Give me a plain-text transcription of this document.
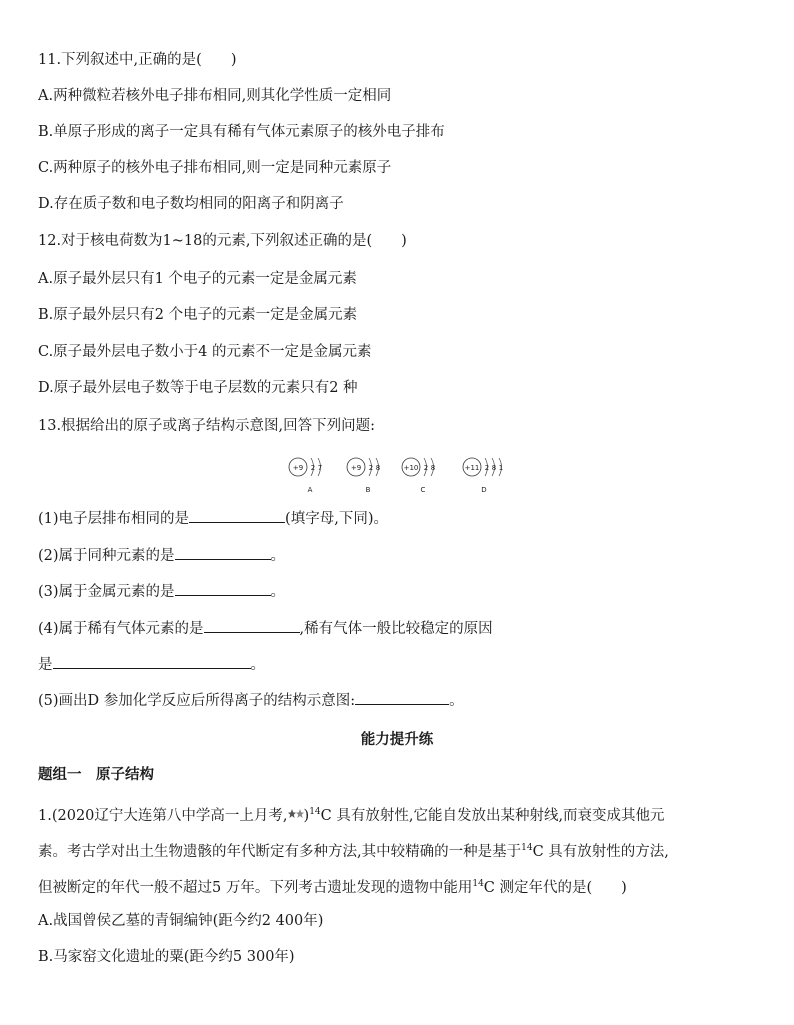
11.下列叙述中,正确的是(　　)
A.两种微粒若核外电子排布相同,则其化学性质一定相同
B.单原子形成的离子一定具有稀有气体元素原子的核外电子排布
C.两种原子的核外电子排布相同,则一定是同种元素原子
D.存在质子数和电子数均相同的阳离子和阴离子
12.对于核电荷数为1~18的元素,下列叙述正确的是(　　)
A.原子最外层只有1 个电子的元素一定是金属元素
B.原子最外层只有2 个电子的元素一定是金属元素
C.原子最外层电子数小于4 的元素不一定是金属元素
D.原子最外层电子数等于电子层数的元素只有2 种
13.根据给出的原子或离子结构示意图,回答下列问题:
+9 2 7
A
+9 2 8
B
+10 2 8
C
+11 2 8 1
D
(1)电子层排布相同的是	(填字母,下同)。
(2)属于同种元素的是	。
(3)属于金属元素的是	。
(4)属于稀有气体元素的是	,稀有气体一般比较稳定的原因
是	。
(5)画出D 参加化学反应后所得离子的结构示意图:	。
能力提升练
题组一　原子结构
1.(2020辽宁大连第八中学高一上月考, )$^{14}$C 具有放射性,它能自发放出某种射线,而衰变成其他元
素。考古学对出土生物遗骸的年代断定有多种方法,其中较精确的一种是基于$^{14}$C 具有放射性的方法,
但被断定的年代一般不超过5 万年。下列考古遗址发现的遗物中能用$^{14}$C 测定年代的是(　　)
A.战国曾侯乙墓的青铜编钟(距今约2 400年)
B.马家窑文化遗址的粟(距今约5 300年)
